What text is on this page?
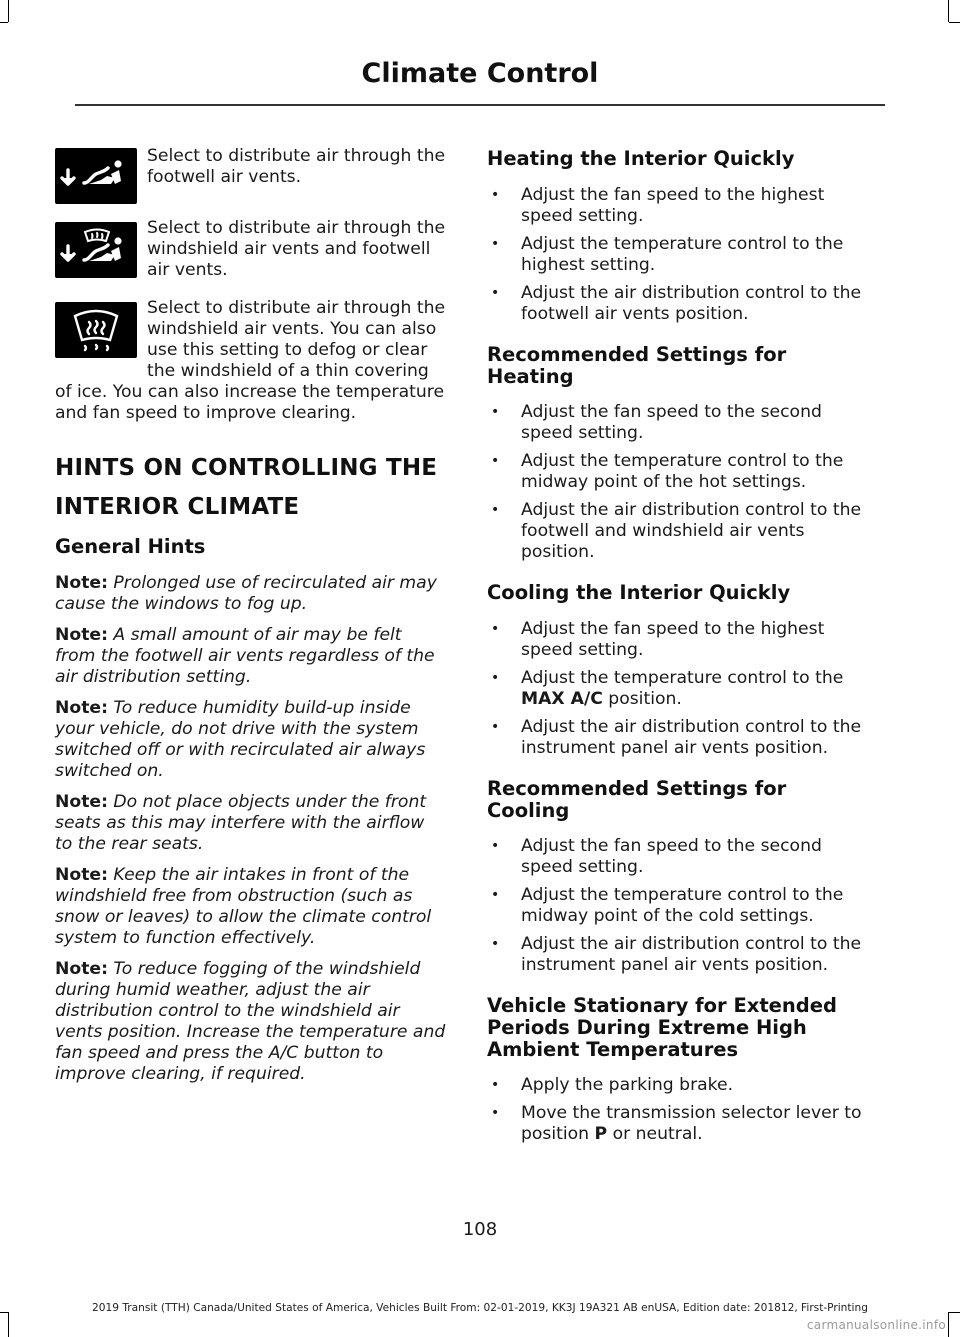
Climate Control
Select to distribute air through the footwell air vents.
Select to distribute air through the windshield air vents and footwell air vents.
Select to distribute air through the windshield air vents. You can also use this setting to defog or clear the windshield of a thin covering of ice. You can also increase the temperature and fan speed to improve clearing.
HINTS ON CONTROLLING THE
INTERIOR CLIMATE
General Hints

Note: Prolonged use of recirculated air may cause the windows to fog up.

Note: A small amount of air may be felt from the footwell air vents regardless of the air distribution setting.

Note: To reduce humidity build-up inside your vehicle, do not drive with the system switched off or with recirculated air always switched on.

Note: Do not place objects under the front seats as this may interfere with the airflow to the rear seats.

Note: Keep the air intakes in front of the windshield free from obstruction (such as snow or leaves) to allow the climate control system to function effectively.

Note: To reduce fogging of the windshield during humid weather, adjust the air distribution control to the windshield air vents position. Increase the temperature and fan speed and press the A/C button to improve clearing, if required.

Heating the Interior Quickly
• Adjust the fan speed to the highest speed setting.
• Adjust the temperature control to the highest setting.
• Adjust the air distribution control to the footwell air vents position.
Recommended Settings for
Heating
• Adjust the fan speed to the second speed setting.
• Adjust the temperature control to the midway point of the hot settings.
• Adjust the air distribution control to the footwell and windshield air vents position.
Cooling the Interior Quickly
• Adjust the fan speed to the highest speed setting.
• Adjust the temperature control to the
MAX A/C position.
• Adjust the air distribution control to the instrument panel air vents position.
Recommended Settings for
Cooling
• Adjust the fan speed to the second speed setting.
• Adjust the temperature control to the midway point of the cold settings.
• Adjust the air distribution control to the instrument panel air vents position.
Vehicle Stationary for Extended
Periods During Extreme High
Ambient Temperatures
• Apply the parking brake.
• Move the transmission selector lever to position P or neutral.
108
2019 Transit (TTH) Canada/United States of America, Vehicles Built From: 02-01-2019, KK3J 19A321 AB enUSA, Edition date: 201812, First-Printing
carmanualsonline.info
